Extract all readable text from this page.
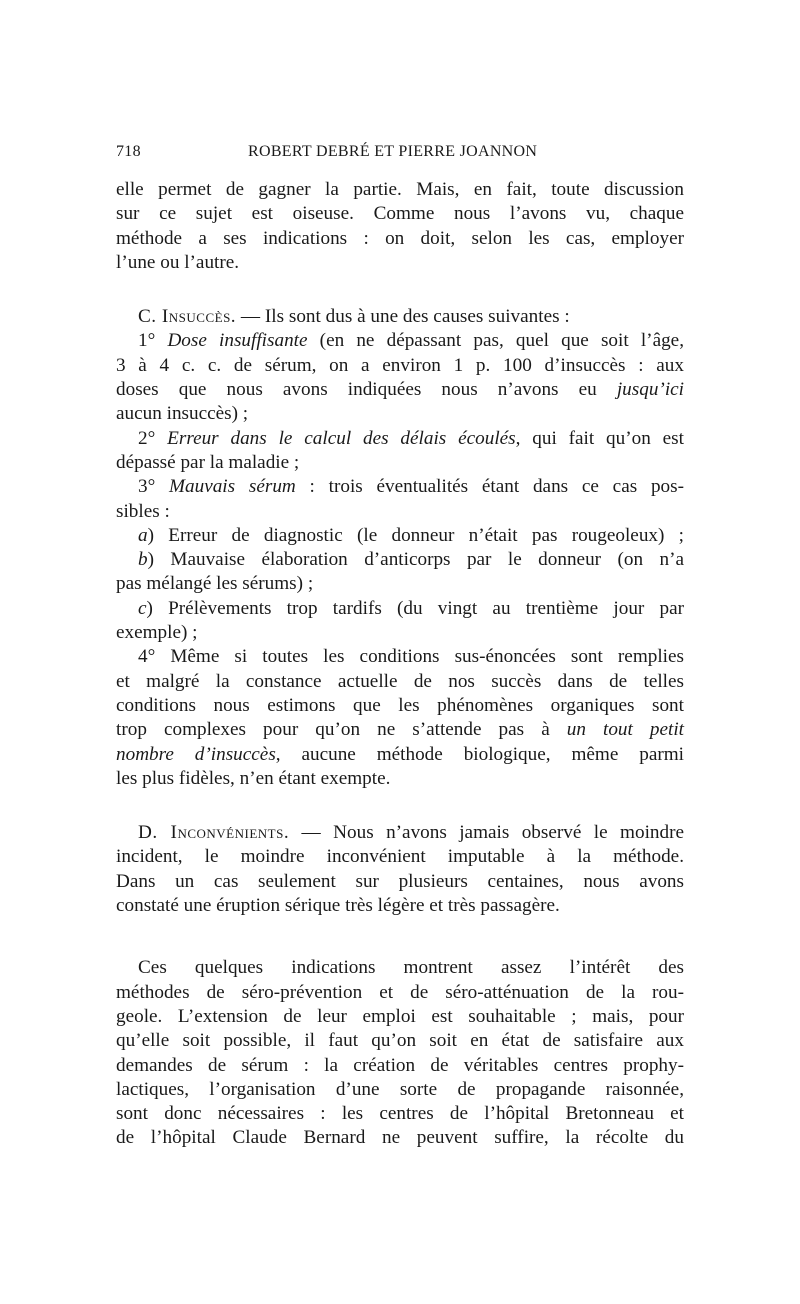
718	ROBERT DEBRÉ ET PIERRE JOANNON
elle permet de gagner la partie. Mais, en fait, toute discussion
sur ce sujet est oiseuse. Comme nous l’avons vu, chaque
méthode a ses indications : on doit, selon les cas, employer
l’une ou l’autre.
C. Insuccès. — Ils sont dus à une des causes suivantes :
1° Dose insuffisante (en ne dépassant pas, quel que soit l’âge,
3 à 4 c. c. de sérum, on a environ 1 p. 100 d’insuccès : aux
doses que nous avons indiquées nous n’avons eu jusqu’ici
aucun insuccès) ;
2° Erreur dans le calcul des délais écoulés, qui fait qu’on est
dépassé par la maladie ;
3° Mauvais sérum : trois éventualités étant dans ce cas pos-
sibles :
a) Erreur de diagnostic (le donneur n’était pas rougeoleux) ;
b) Mauvaise élaboration d’anticorps par le donneur (on n’a
pas mélangé les sérums) ;
c) Prélèvements trop tardifs (du vingt au trentième jour par
exemple) ;
4° Même si toutes les conditions sus-énoncées sont remplies
et malgré la constance actuelle de nos succès dans de telles
conditions nous estimons que les phénomènes organiques sont
trop complexes pour qu’on ne s’attende pas à un tout petit
nombre d’insuccès, aucune méthode biologique, même parmi
les plus fidèles, n’en étant exempte.
D. Inconvénients. — Nous n’avons jamais observé le moindre
incident, le moindre inconvénient imputable à la méthode.
Dans un cas seulement sur plusieurs centaines, nous avons
constaté une éruption sérique très légère et très passagère.
Ces quelques indications montrent assez l’intérêt des
méthodes de séro-prévention et de séro-atténuation de la rou-
geole. L’extension de leur emploi est souhaitable ; mais, pour
qu’elle soit possible, il faut qu’on soit en état de satisfaire aux
demandes de sérum : la création de véritables centres prophy-
lactiques, l’organisation d’une sorte de propagande raisonnée,
sont donc nécessaires : les centres de l’hôpital Bretonneau et
de l’hôpital Claude Bernard ne peuvent suffire, la récolte du
